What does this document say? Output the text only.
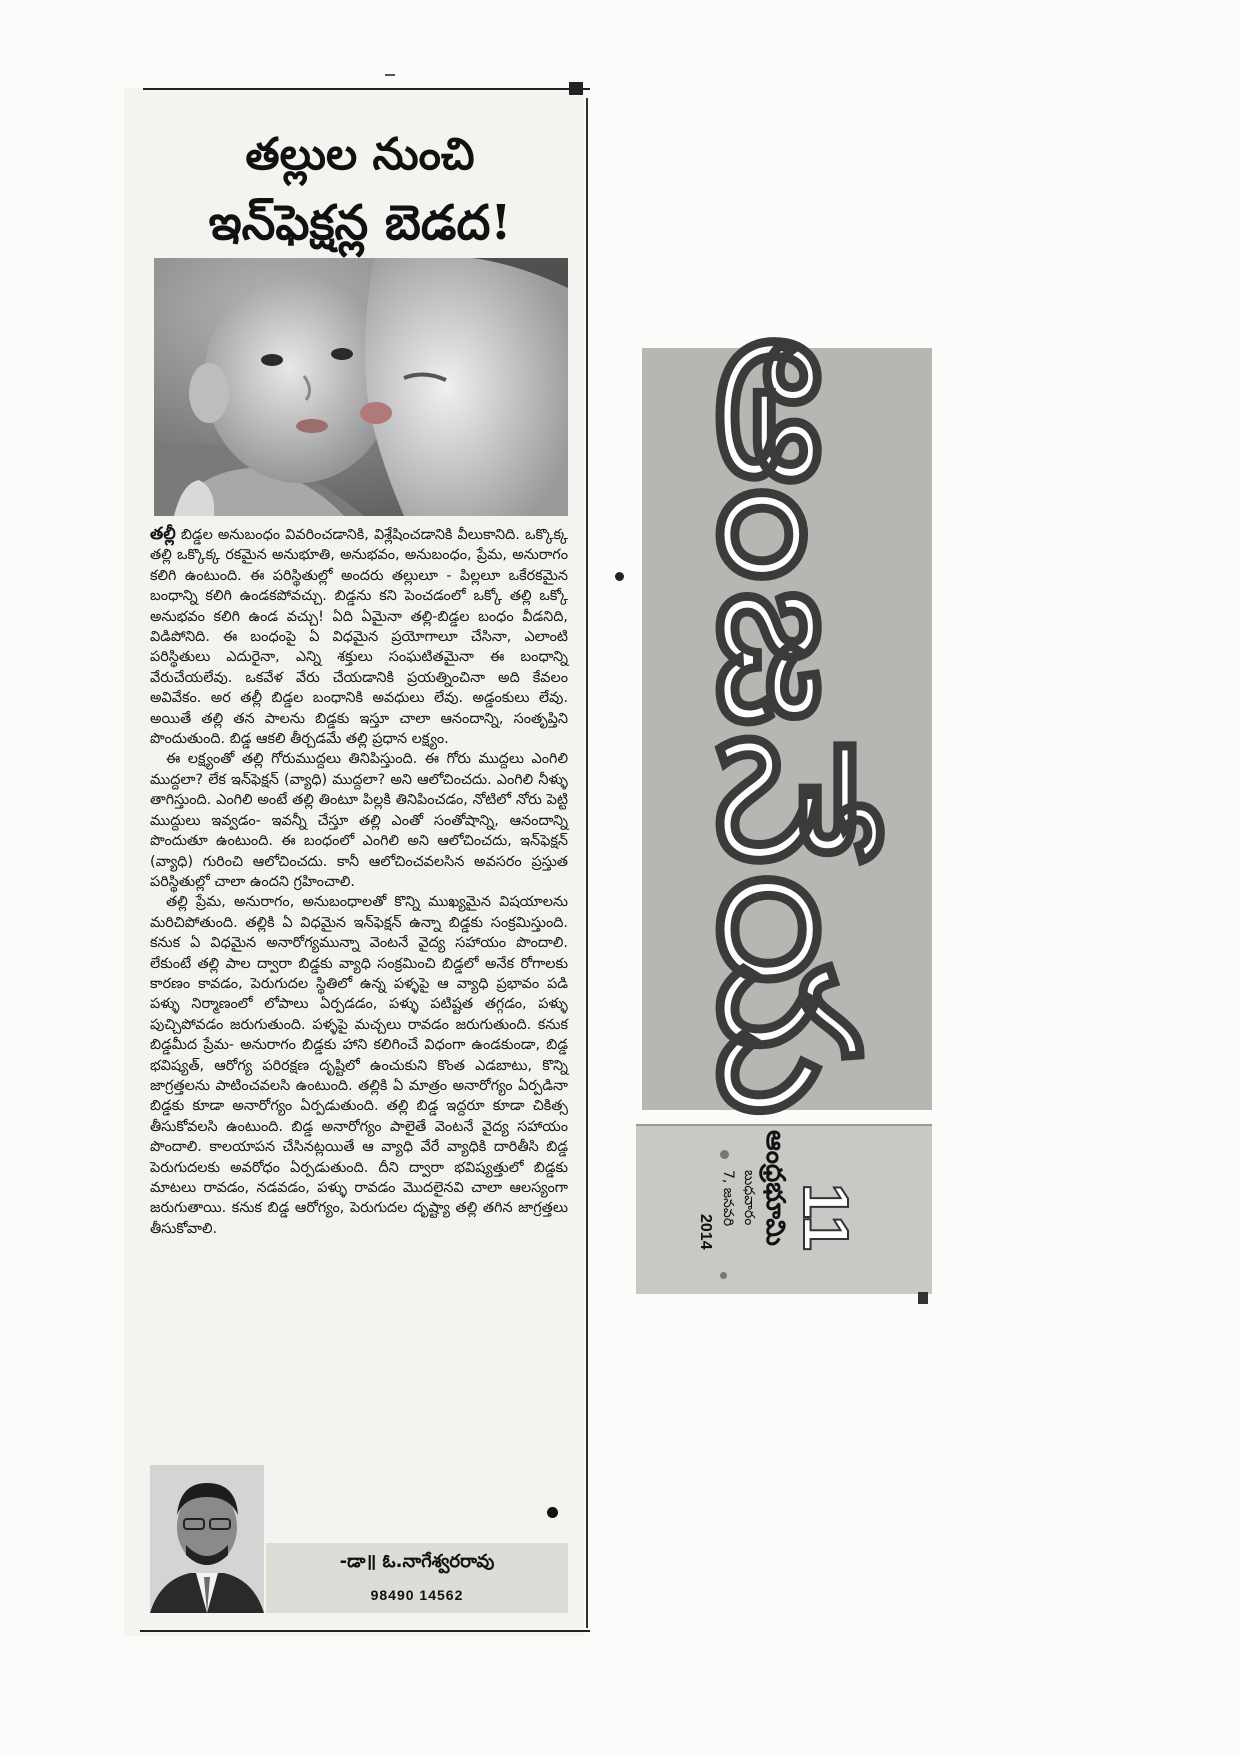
తల్లుల నుంచి
ఇన్‌ఫెక్షన్ల బెడద!

తల్లీ బిడ్డల అనుబంధం వివరించడానికి, విశ్లేషించడానికి వీలుకానిది. ఒక్కొక్క తల్లి ఒక్కొక్క రకమైన అనుభూతి, అనుభవం, అనుబంధం, ప్రేమ, అనురాగం కలిగి ఉంటుంది. ఈ పరిస్థితుల్లో అందరు తల్లులూ - పిల్లలూ ఒకేరకమైన బంధాన్ని కలిగి ఉండకపోవచ్చు. బిడ్డను కని పెంచడంలో ఒక్కో తల్లి ఒక్కో అనుభవం కలిగి ఉండ వచ్చు! ఏది ఏమైనా తల్లి-బిడ్డల బంధం వీడనిది, విడిపోనిది. ఈ బంధంపై ఏ విధమైన ప్రయోగాలూ చేసినా, ఎలాంటి పరిస్థితులు ఎదురైనా, ఎన్ని శక్తులు సంఘటితమైనా ఈ బంధాన్ని వేరుచేయలేవు. ఒకవేళ వేరు చేయడానికి ప్రయత్నించినా అది కేవలం అవివేకం. అర తల్లీ బిడ్డల బంధానికి అవధులు లేవు. అడ్డంకులు లేవు. అయితే తల్లి తన పాలను బిడ్డకు ఇస్తూ చాలా ఆనందాన్ని, సంతృప్తిని పొందుతుంది. బిడ్డ ఆకలి తీర్చడమే తల్లి ప్రధాన లక్ష్యం.

ఈ లక్ష్యంతో తల్లి గోరుముద్దలు తినిపిస్తుంది. ఈ గోరు ముద్దలు ఎంగిలి ముద్దలా? లేక ఇన్‌ఫెక్షన్ (వ్యాధి) ముద్దలా? అని ఆలోచించదు. ఎంగిలి నీళ్ళు తాగిస్తుంది. ఎంగిలి అంటే తల్లి తింటూ పిల్లకి తినిపించడం, నోటిలో నోరు పెట్టి ముద్దులు ఇవ్వడం- ఇవన్నీ చేస్తూ తల్లి ఎంతో సంతోషాన్ని, ఆనందాన్ని పొందుతూ ఉంటుంది. ఈ బంధంలో ఎంగిలి అని ఆలోచించదు, ఇన్‌ఫెక్షన్ (వ్యాధి) గురించి ఆలోచించదు. కానీ ఆలోచించవలసిన అవసరం ప్రస్తుత పరిస్థితుల్లో చాలా ఉందని గ్రహించాలి.

తల్లి ప్రేమ, అనురాగం, అనుబంధాలతో కొన్ని ముఖ్యమైన విషయాలను మరిచిపోతుంది. తల్లికి ఏ విధమైన ఇన్‌ఫెక్షన్ ఉన్నా బిడ్డకు సంక్రమిస్తుంది. కనుక ఏ విధమైన అనారోగ్యమున్నా వెంటనే వైద్య సహాయం పొందాలి. లేకుంటే తల్లి పాల ద్వారా బిడ్డకు వ్యాధి సంక్రమించి బిడ్డలో అనేక రోగాలకు కారణం కావడం, పెరుగుదల స్థితిలో ఉన్న పళ్ళపై ఆ వ్యాధి ప్రభావం పడి పళ్ళు నిర్మాణంలో లోపాలు ఏర్పడడం, పళ్ళు పటిష్టత తగ్గడం, పళ్ళు పుచ్చిపోవడం జరుగుతుంది. పళ్ళపై మచ్చలు రావడం జరుగుతుంది. కనుక బిడ్డమీద ప్రేమ- అనురాగం బిడ్డకు హాని కలిగించే విధంగా ఉండకుండా, బిడ్డ భవిష్యత్, ఆరోగ్య పరిరక్షణ దృష్టిలో ఉంచుకుని కొంత ఎడబాటు, కొన్ని జాగ్రత్తలను పాటించవలసి ఉంటుంది. తల్లికి ఏ మాత్రం అనారోగ్యం ఏర్పడినా బిడ్డకు కూడా అనారోగ్యం ఏర్పడుతుంది. తల్లి బిడ్డ ఇద్దరూ కూడా చికిత్స తీసుకోవలసి ఉంటుంది. బిడ్డ అనారోగ్యం పాలైతే వెంటనే వైద్య సహాయం పొందాలి. కాలయాపన చేసినట్లయితే ఆ వ్యాధి వేరే వ్యాధికి దారితీసి బిడ్డ పెరుగుదలకు అవరోధం ఏర్పడుతుంది. దీని ద్వారా భవిష్యత్తులో బిడ్డకు మాటలు రావడం, నడవడం, పళ్ళు రావడం మొదలైనవి చాలా ఆలస్యంగా జరుగుతాయి. కనుక బిడ్డ ఆరోగ్యం, పెరుగుదల దృష్ట్యా తల్లి తగిన జాగ్రత్తలు తీసుకోవాలి.

-డా॥ ఓ.నాగేశ్వరరావు
98490 14562
ఆంజనేయ
11
ఆంధ్రభూమి
బుధవారం
7, జనవరి
2014
